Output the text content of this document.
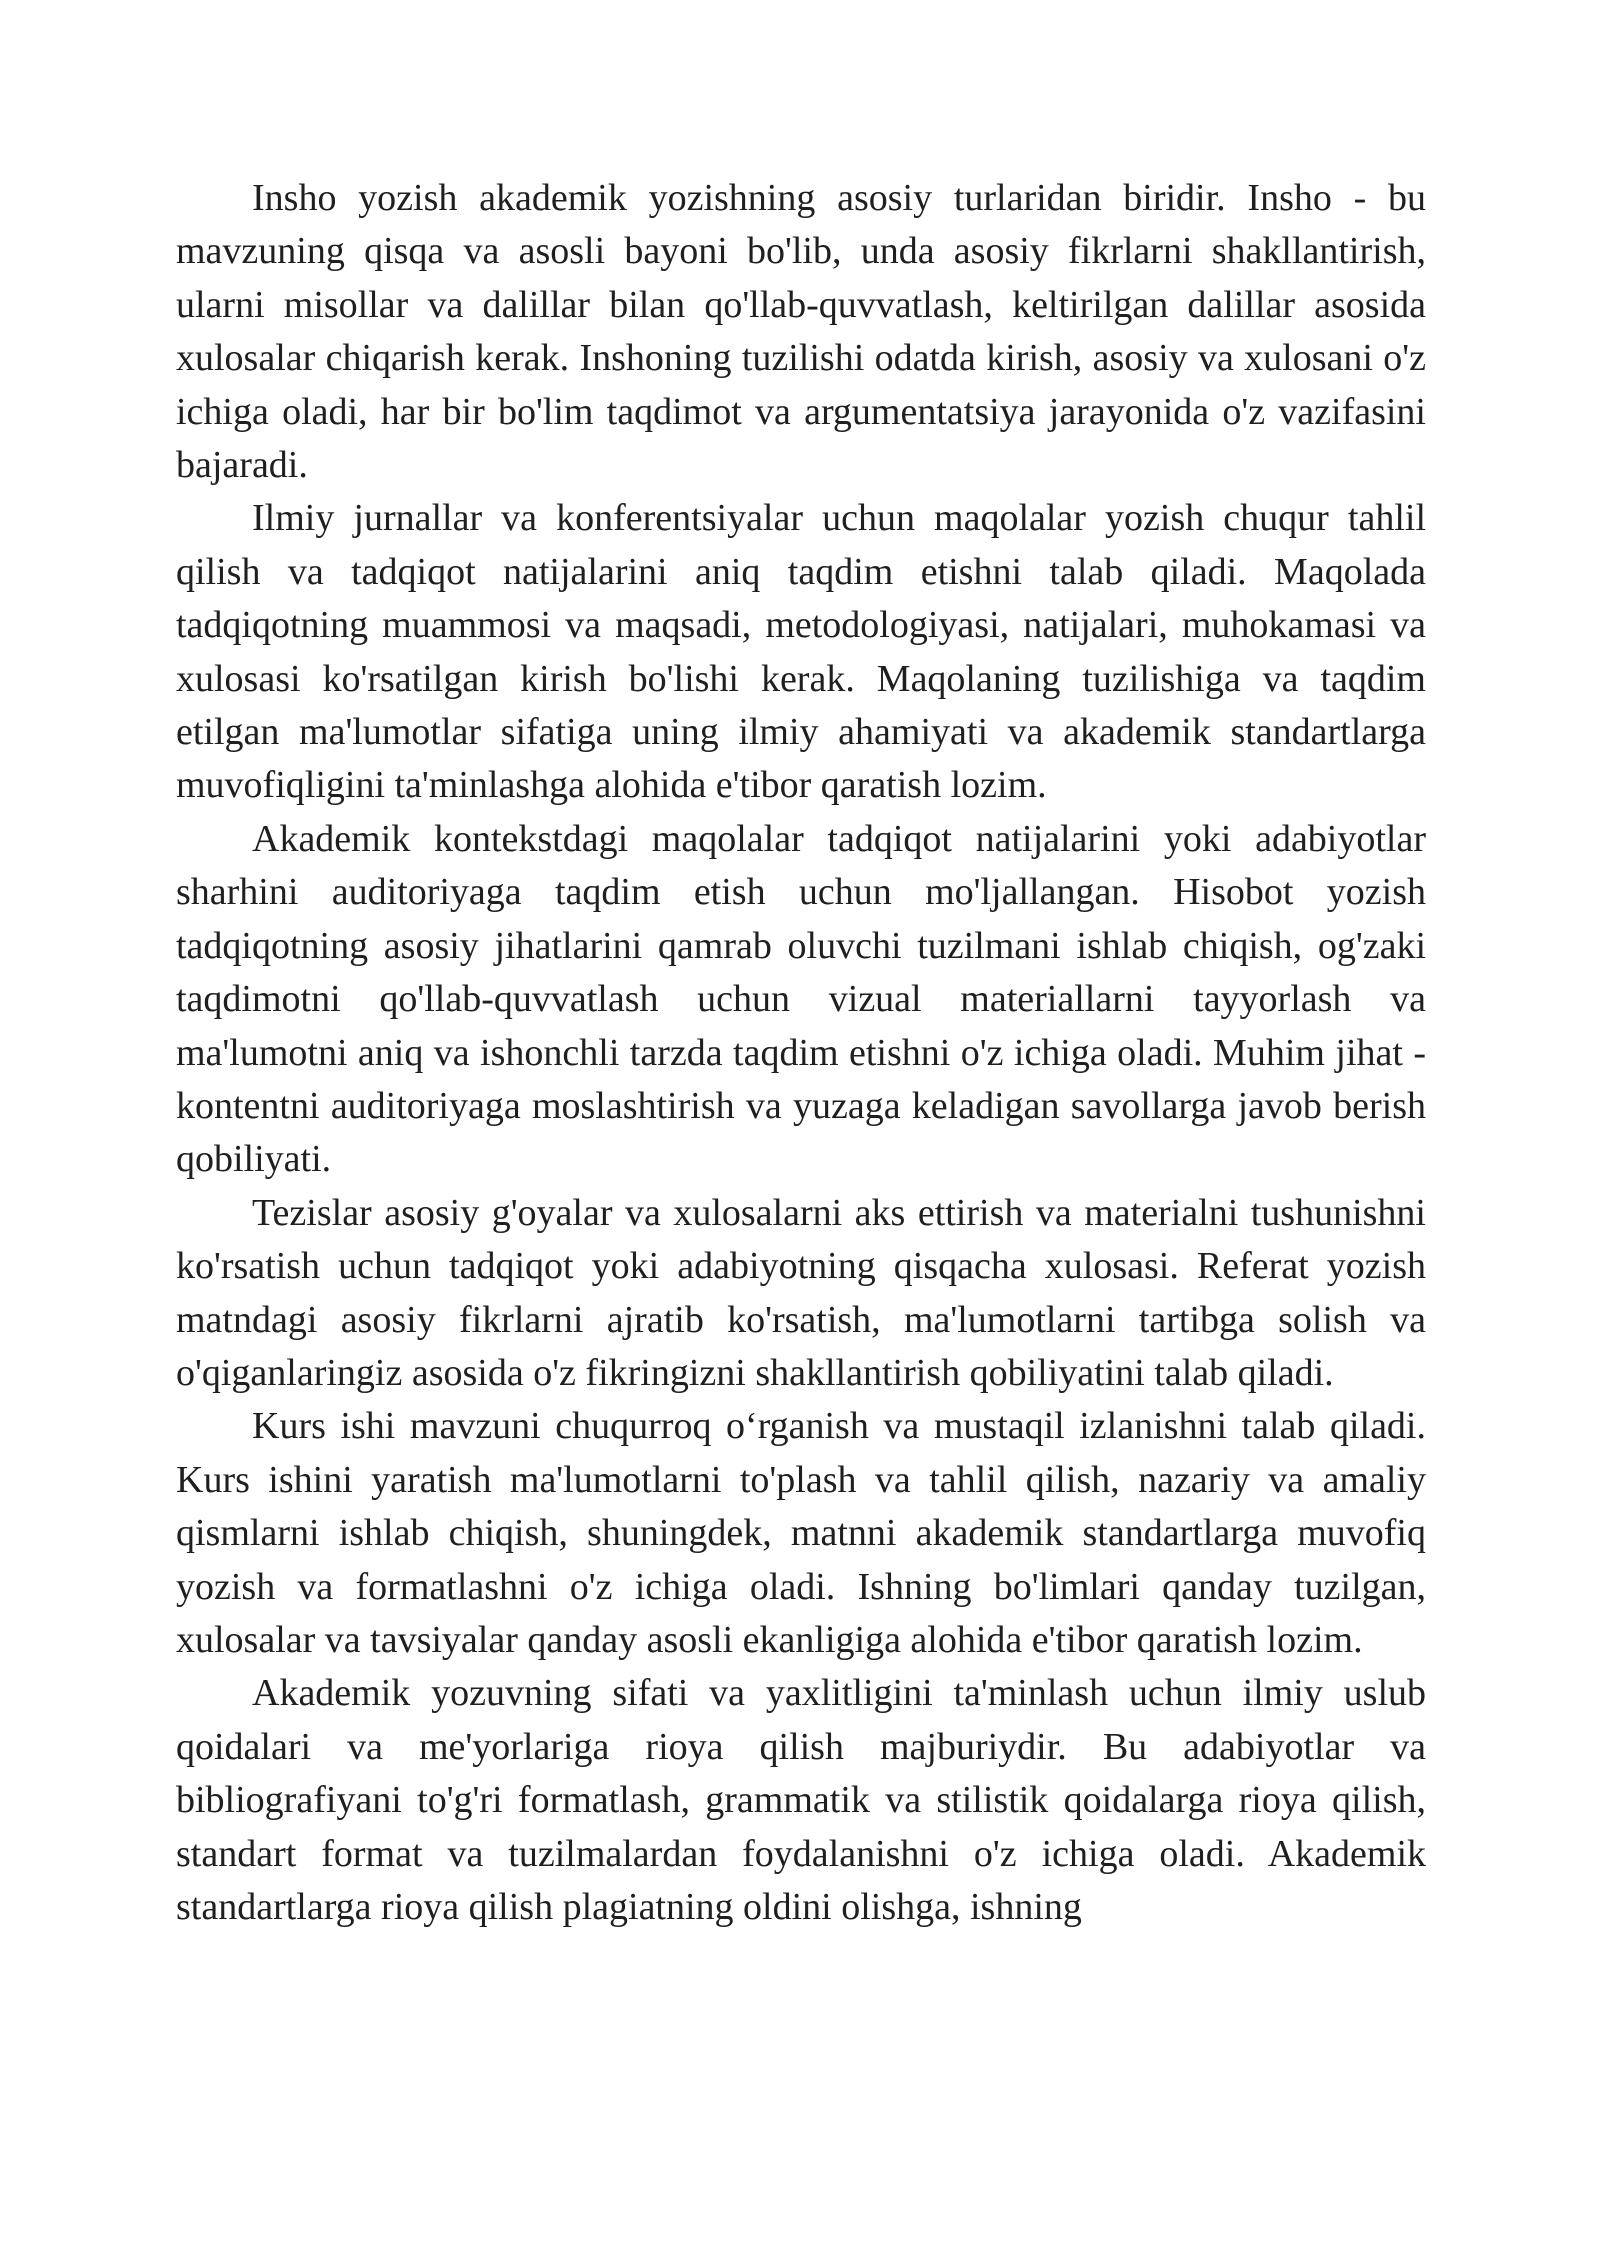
Insho yozish akademik yozishning asosiy turlaridan biridir. Insho - bu mavzuning qisqa va asosli bayoni bo'lib, unda asosiy fikrlarni shakllantirish, ularni misollar va dalillar bilan qo'llab-quvvatlash, keltirilgan dalillar asosida xulosalar chiqarish kerak. Inshoning tuzilishi odatda kirish, asosiy va xulosani o'z ichiga oladi, har bir bo'lim taqdimot va argumentatsiya jarayonida o'z vazifasini bajaradi.

Ilmiy jurnallar va konferentsiyalar uchun maqolalar yozish chuqur tahlil qilish va tadqiqot natijalarini aniq taqdim etishni talab qiladi. Maqolada tadqiqotning muammosi va maqsadi, metodologiyasi, natijalari, muhokamasi va xulosasi ko'rsatilgan kirish bo'lishi kerak. Maqolaning tuzilishiga va taqdim etilgan ma'lumotlar sifatiga uning ilmiy ahamiyati va akademik standartlarga muvofiqligini ta'minlashga alohida e'tibor qaratish lozim.

Akademik kontekstdagi maqolalar tadqiqot natijalarini yoki adabiyotlar sharhini auditoriyaga taqdim etish uchun mo'ljallangan. Hisobot yozish tadqiqotning asosiy jihatlarini qamrab oluvchi tuzilmani ishlab chiqish, og'zaki taqdimotni qo'llab-quvvatlash uchun vizual materiallarni tayyorlash va ma'lumotni aniq va ishonchli tarzda taqdim etishni o'z ichiga oladi. Muhim jihat - kontentni auditoriyaga moslashtirish va yuzaga keladigan savollarga javob berish qobiliyati.

Tezislar asosiy g'oyalar va xulosalarni aks ettirish va materialni tushunishni ko'rsatish uchun tadqiqot yoki adabiyotning qisqacha xulosasi. Referat yozish matndagi asosiy fikrlarni ajratib ko'rsatish, ma'lumotlarni tartibga solish va o'qiganlaringiz asosida o'z fikringizni shakllantirish qobiliyatini talab qiladi.

Kurs ishi mavzuni chuqurroq o‘rganish va mustaqil izlanishni talab qiladi. Kurs ishini yaratish ma'lumotlarni to'plash va tahlil qilish, nazariy va amaliy qismlarni ishlab chiqish, shuningdek, matnni akademik standartlarga muvofiq yozish va formatlashni o'z ichiga oladi. Ishning bo'limlari qanday tuzilgan, xulosalar va tavsiyalar qanday asosli ekanligiga alohida e'tibor qaratish lozim.

Akademik yozuvning sifati va yaxlitligini ta'minlash uchun ilmiy uslub qoidalari va me'yorlariga rioya qilish majburiydir. Bu adabiyotlar va bibliografiyani to'g'ri formatlash, grammatik va stilistik qoidalarga rioya qilish, standart format va tuzilmalardan foydalanishni o'z ichiga oladi. Akademik standartlarga rioya qilish plagiatning oldini olishga, ishning
